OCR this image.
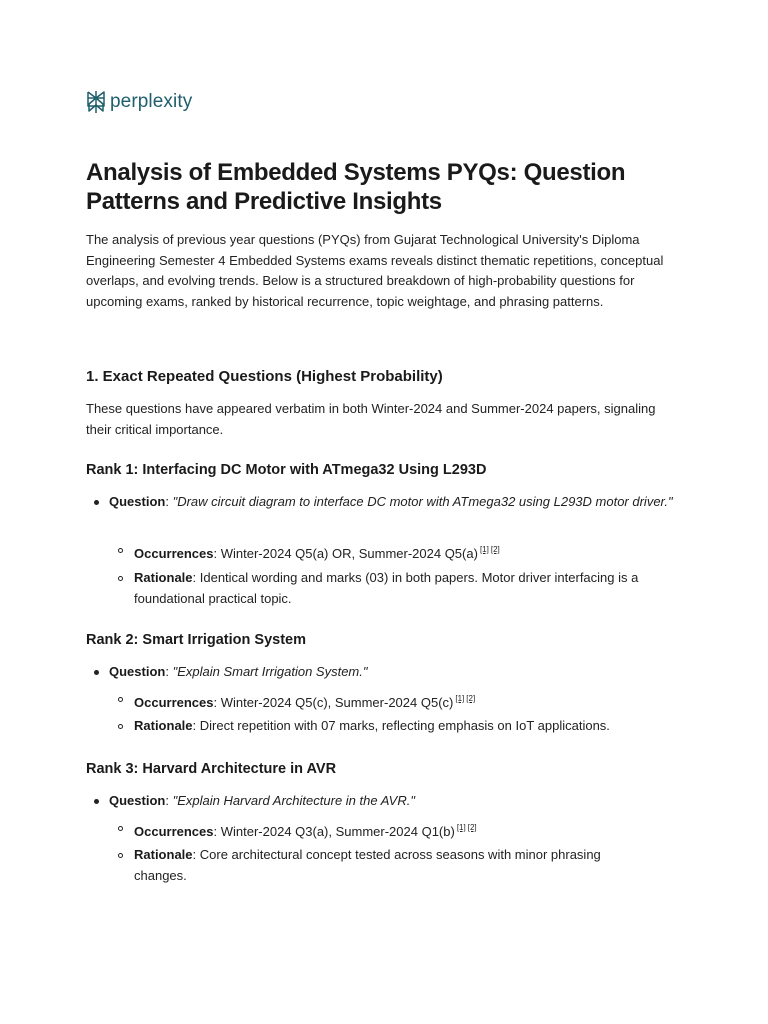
perplexity
Analysis of Embedded Systems PYQs: Question Patterns and Predictive Insights

The analysis of previous year questions (PYQs) from Gujarat Technological University's Diploma Engineering Semester 4 Embedded Systems exams reveals distinct thematic repetitions, conceptual overlaps, and evolving trends. Below is a structured breakdown of high-probability questions for upcoming exams, ranked by historical recurrence, topic weightage, and phrasing patterns.

1. Exact Repeated Questions (Highest Probability)

These questions have appeared verbatim in both Winter-2024 and Summer-2024 papers, signaling their critical importance.

Rank 1: Interfacing DC Motor with ATmega32 Using L293D
Question: "Draw circuit diagram to interface DC motor with ATmega32 using L293D motor driver."
Occurrences: Winter-2024 Q5(a) OR, Summer-2024 Q5(a) [1] [2]
Rationale: Identical wording and marks (03) in both papers. Motor driver interfacing is a foundational practical topic.
Rank 2: Smart Irrigation System
Question: "Explain Smart Irrigation System."
Occurrences: Winter-2024 Q5(c), Summer-2024 Q5(c) [1] [2]
Rationale: Direct repetition with 07 marks, reflecting emphasis on IoT applications.
Rank 3: Harvard Architecture in AVR
Question: "Explain Harvard Architecture in the AVR."
Occurrences: Winter-2024 Q3(a), Summer-2024 Q1(b) [1] [2]
Rationale: Core architectural concept tested across seasons with minor phrasing changes.
